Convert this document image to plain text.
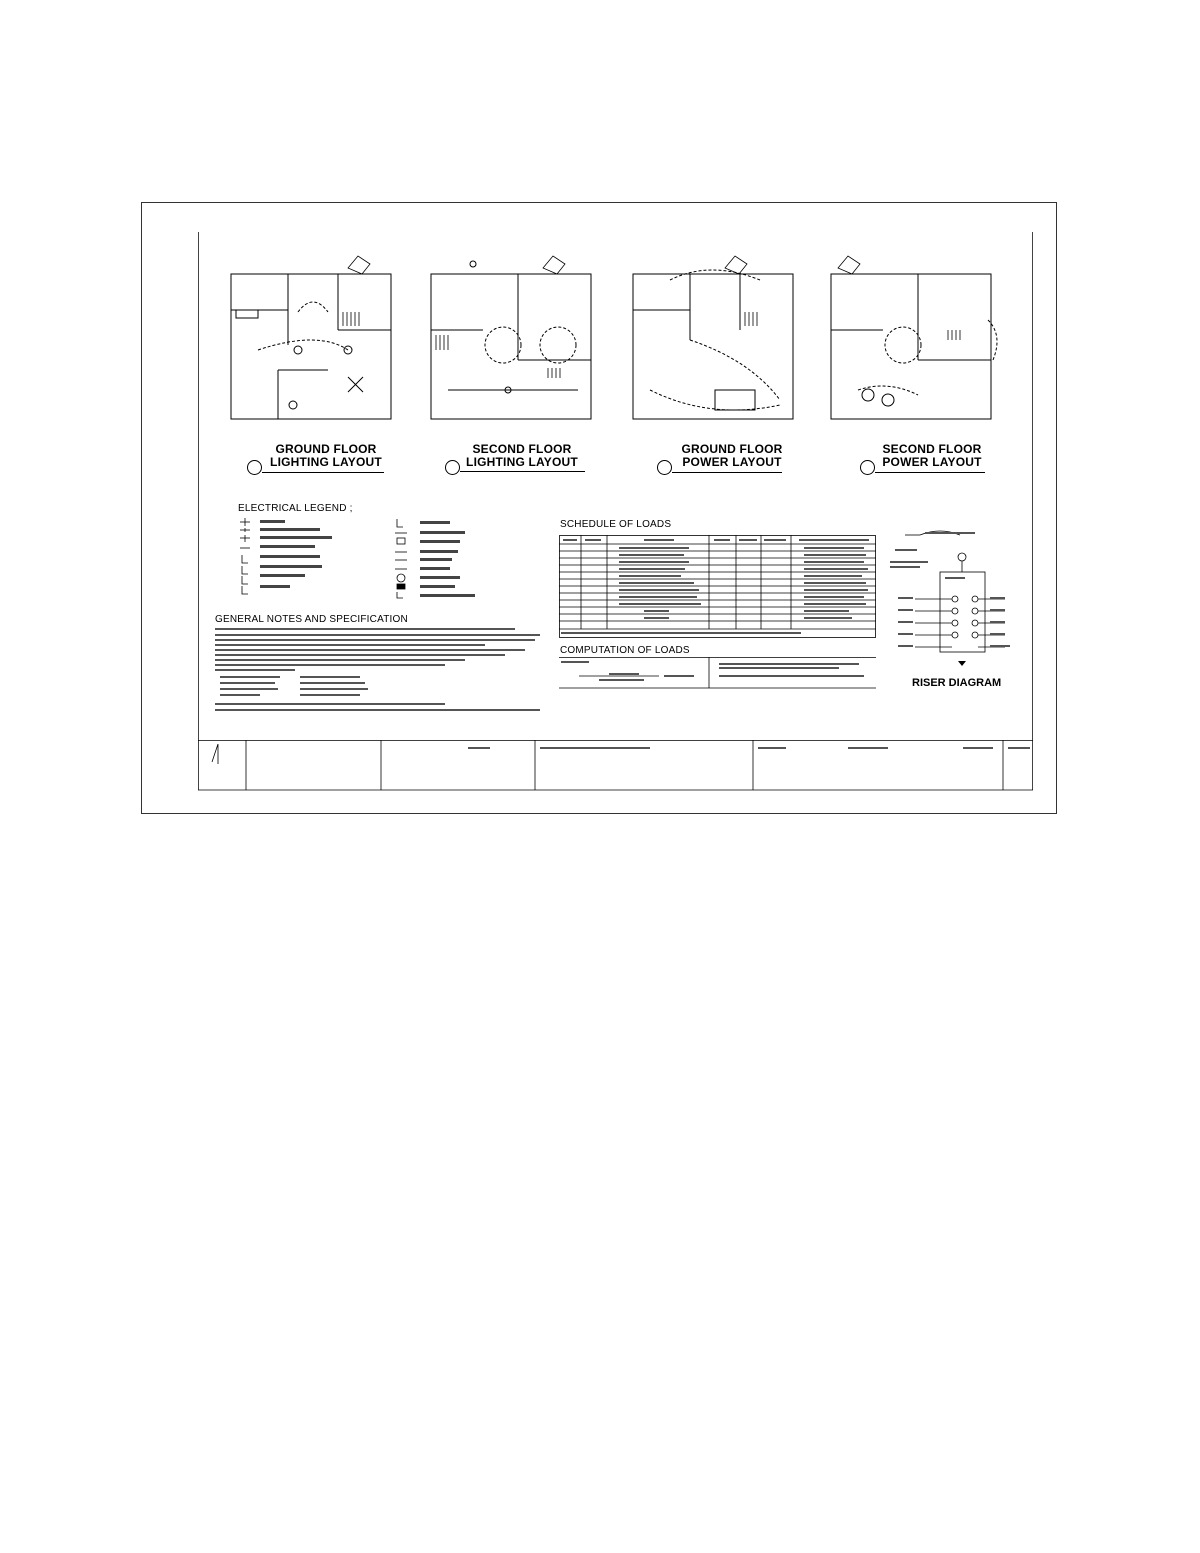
GROUND FLOOR
LIGHTING LAYOUT
SECOND FLOOR
LIGHTING LAYOUT
GROUND FLOOR
POWER LAYOUT
SECOND FLOOR
POWER LAYOUT
ELECTRICAL LEGEND ;
GENERAL NOTES AND SPECIFICATION
SCHEDULE OF LOADS
COMPUTATION OF LOADS
RISER DIAGRAM
